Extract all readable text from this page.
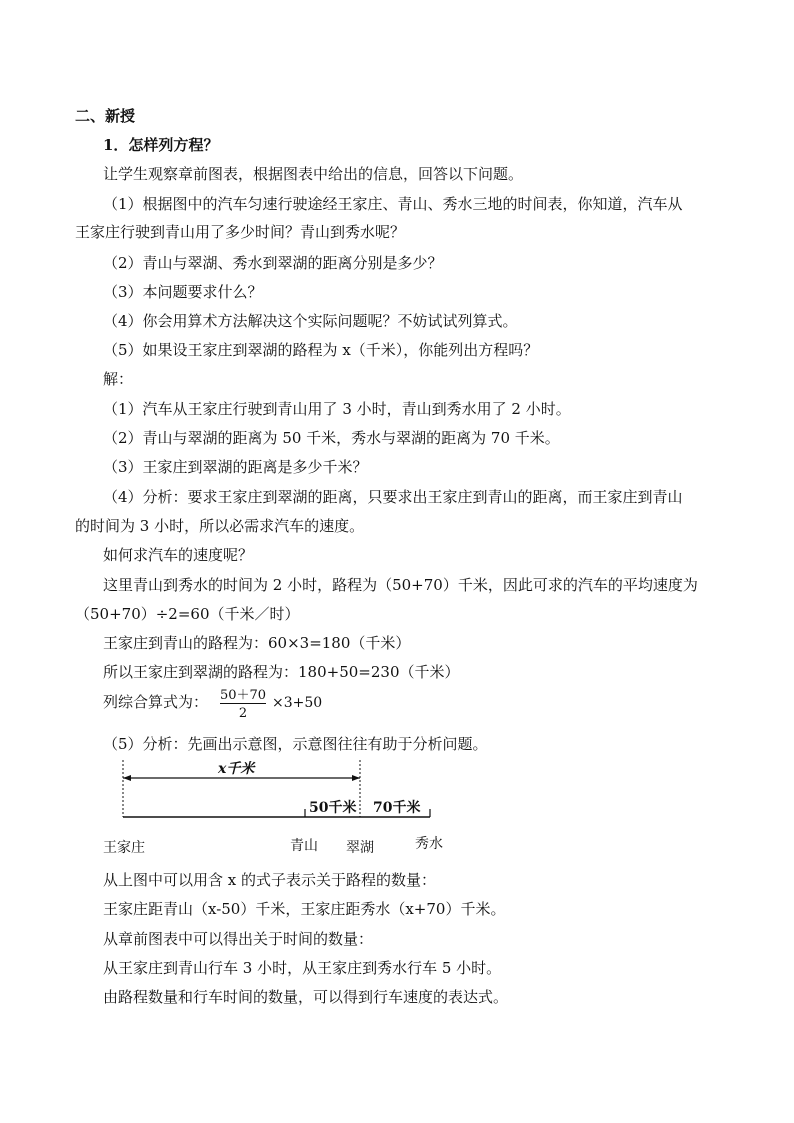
二、新授
1．怎样列方程？
让学生观察章前图表，根据图表中给出的信息，回答以下问题。
（1）根据图中的汽车匀速行驶途经王家庄、青山、秀水三地的时间表，你知道，汽车从
王家庄行驶到青山用了多少时间？青山到秀水呢？
（2）青山与翠湖、秀水到翠湖的距离分别是多少？
（3）本问题要求什么？
（4）你会用算术方法解决这个实际问题呢？不妨试试列算式。
（5）如果设王家庄到翠湖的路程为 x（千米），你能列出方程吗？
解：
（1）汽车从王家庄行驶到青山用了 3 小时，青山到秀水用了 2 小时。
（2）青山与翠湖的距离为 50 千米，秀水与翠湖的距离为 70 千米。
（3）王家庄到翠湖的距离是多少千米？
（4）分析：要求王家庄到翠湖的距离，只要求出王家庄到青山的距离，而王家庄到青山
的时间为 3 小时，所以必需求汽车的速度。
如何求汽车的速度呢？
这里青山到秀水的时间为 2 小时，路程为（50+70）千米，因此可求的汽车的平均速度为
（50+70）÷2=60（千米／时）
王家庄到青山的路程为：60×3=180（千米）
所以王家庄到翠湖的路程为：180+50=230（千米）
列综合算式为： 50＋70
2
×3+50
（5）分析：先画出示意图，示意图往往有助于分析问题。
x千米
50千米 70千米
王家庄	青山 翠湖	秀水
从上图中可以用含 x 的式子表示关于路程的数量：
王家庄距青山（x-50）千米，王家庄距秀水（x+70）千米。
从章前图表中可以得出关于时间的数量：
从王家庄到青山行车 3 小时，从王家庄到秀水行车 5 小时。
由路程数量和行车时间的数量，可以得到行车速度的表达式。
